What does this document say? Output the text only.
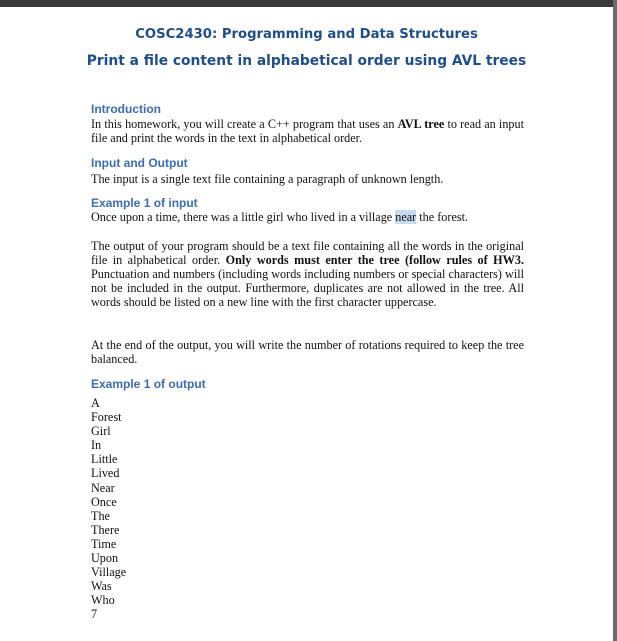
COSC2430: Programming and Data Structures
Print a file content in alphabetical order using AVL trees
Introduction
In this homework, you will create a C++ program that uses an AVL tree to read an input file and print the words in the text in alphabetical order.
Input and Output
The input is a single text file containing a paragraph of unknown length.
Example 1 of input
Once upon a time, there was a little girl who lived in a village near the forest.
The output of your program should be a text file containing all the words in the original file in alphabetical order. Only words must enter the tree (follow rules of HW3. Punctuation and numbers (including words including numbers or special characters) will not be included in the output. Furthermore, duplicates are not allowed in the tree. All words should be listed on a new line with the first character uppercase.
At the end of the output, you will write the number of rotations required to keep the tree balanced.
Example 1 of output
A
Forest
Girl
In
Little
Lived
Near
Once
The
There
Time
Upon
Village
Was
Who
7
